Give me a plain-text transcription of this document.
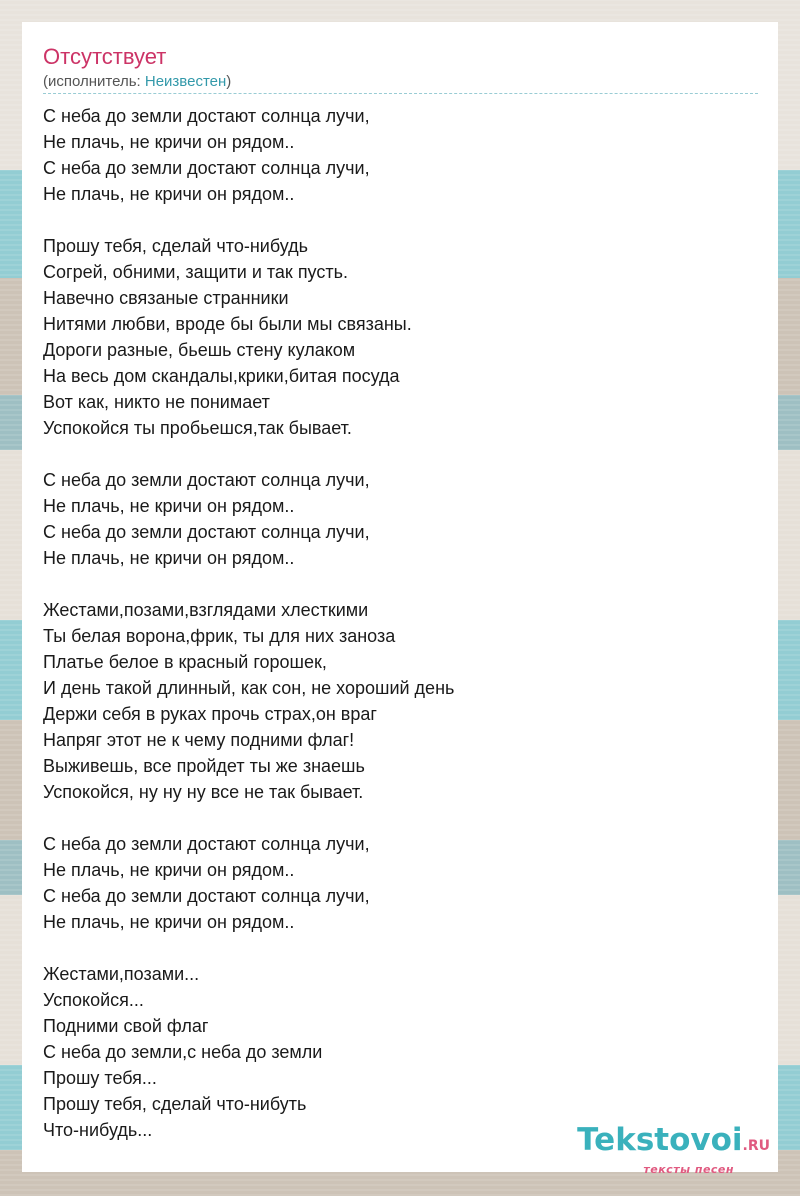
Отсутствует
(исполнитель: Неизвестен)
С неба до земли достают солнца лучи,
Не плачь, не кричи он рядом..
С неба до земли достают солнца лучи,
Не плачь, не кричи он рядом..
Прошу тебя, сделай что-нибудь
Согрей, обними, защити и так пусть.
Навечно связаные странники
Нитями любви, вроде бы были мы связаны.
Дороги разные, бьешь стену кулаком
На весь дом скандалы,крики,битая посуда
Вот как, никто не понимает
Успокойся ты пробьешся,так бывает.
С неба до земли достают солнца лучи,
Не плачь, не кричи он рядом..
С неба до земли достают солнца лучи,
Не плачь, не кричи он рядом..
Жестами,позами,взглядами хлесткими
Ты белая ворона,фрик, ты для них заноза
Платье белое в красный горошек,
И день такой длинный, как сон, не хороший день
Держи себя в руках прочь страх,он враг
Напряг этот не к чему подними флаг!
Выживешь, все пройдет ты же знаешь
Успокойся, ну ну ну все не так бывает.
С неба до земли достают солнца лучи,
Не плачь, не кричи он рядом..
С неба до земли достают солнца лучи,
Не плачь, не кричи он рядом..
Жестами,позами...
Успокойся...
Подними свой флаг
С неба до земли,с неба до земли
Прошу тебя...
Прошу тебя, сделай что-нибуть
Что-нибудь...	Tekstovoi.RU
тексты песен
